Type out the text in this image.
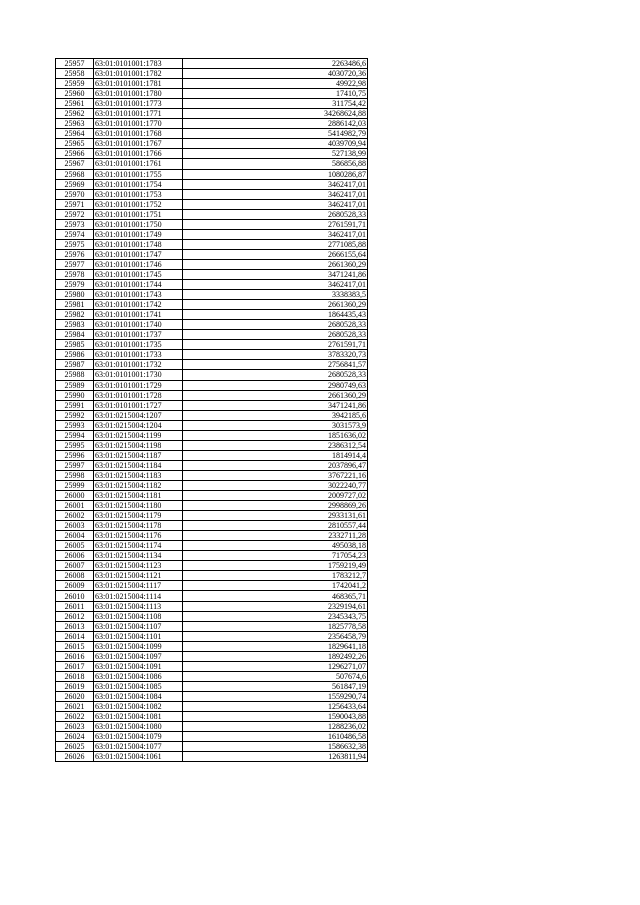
25957	63:01:0101001:1783	2263486,6
25958	63:01:0101001:1782	4030720,36
25959	63:01:0101001:1781	49922,98
25960	63:01:0101001:1780	17410,75
25961	63:01:0101001:1773	311754,42
25962	63:01:0101001:1771	34268624,88
25963	63:01:0101001:1770	2886142,03
25964	63:01:0101001:1768	5414982,79
25965	63:01:0101001:1767	4039709,94
25966	63:01:0101001:1766	527138,99
25967	63:01:0101001:1761	586856,88
25968	63:01:0101001:1755	1080286,87
25969	63:01:0101001:1754	3462417,01
25970	63:01:0101001:1753	3462417,01
25971	63:01:0101001:1752	3462417,01
25972	63:01:0101001:1751	2680528,33
25973	63:01:0101001:1750	2761591,71
25974	63:01:0101001:1749	3462417,01
25975	63:01:0101001:1748	2771085,88
25976	63:01:0101001:1747	2666155,64
25977	63:01:0101001:1746	2661360,29
25978	63:01:0101001:1745	3471241,86
25979	63:01:0101001:1744	3462417,01
25980	63:01:0101001:1743	3338383,5
25981	63:01:0101001:1742	2661360,29
25982	63:01:0101001:1741	1864435,43
25983	63:01:0101001:1740	2680528,33
25984	63:01:0101001:1737	2680528,33
25985	63:01:0101001:1735	2761591,71
25986	63:01:0101001:1733	3783320,73
25987	63:01:0101001:1732	2756841,57
25988	63:01:0101001:1730	2680528,33
25989	63:01:0101001:1729	2980749,63
25990	63:01:0101001:1728	2661360,29
25991	63:01:0101001:1727	3471241,86
25992	63:01:0215004:1207	3942185,6
25993	63:01:0215004:1204	3031573,9
25994	63:01:0215004:1199	1851636,02
25995	63:01:0215004:1198	2386312,54
25996	63:01:0215004:1187	1814914,4
25997	63:01:0215004:1184	2037896,47
25998	63:01:0215004:1183	3767221,16
25999	63:01:0215004:1182	3022240,77
26000	63:01:0215004:1181	2009727,02
26001	63:01:0215004:1180	2998869,26
26002	63:01:0215004:1179	2933131,61
26003	63:01:0215004:1178	2810557,44
26004	63:01:0215004:1176	2332711,28
26005	63:01:0215004:1174	495038,18
26006	63:01:0215004:1134	717054,23
26007	63:01:0215004:1123	1759219,49
26008	63:01:0215004:1121	1783212,7
26009	63:01:0215004:1117	1742041,2
26010	63:01:0215004:1114	468365,71
26011	63:01:0215004:1113	2329194,61
26012	63:01:0215004:1108	2345343,75
26013	63:01:0215004:1107	1825778,58
26014	63:01:0215004:1101	2356458,79
26015	63:01:0215004:1099	1829641,18
26016	63:01:0215004:1097	1892492,26
26017	63:01:0215004:1091	1296271,07
26018	63:01:0215004:1086	507674,6
26019	63:01:0215004:1085	561847,19
26020	63:01:0215004:1084	1559290,74
26021	63:01:0215004:1082	1256433,64
26022	63:01:0215004:1081	1590043,88
26023	63:01:0215004:1080	1288236,02
26024	63:01:0215004:1079	1610486,58
26025	63:01:0215004:1077	1586632,38
26026	63:01:0215004:1061	1263811,94
